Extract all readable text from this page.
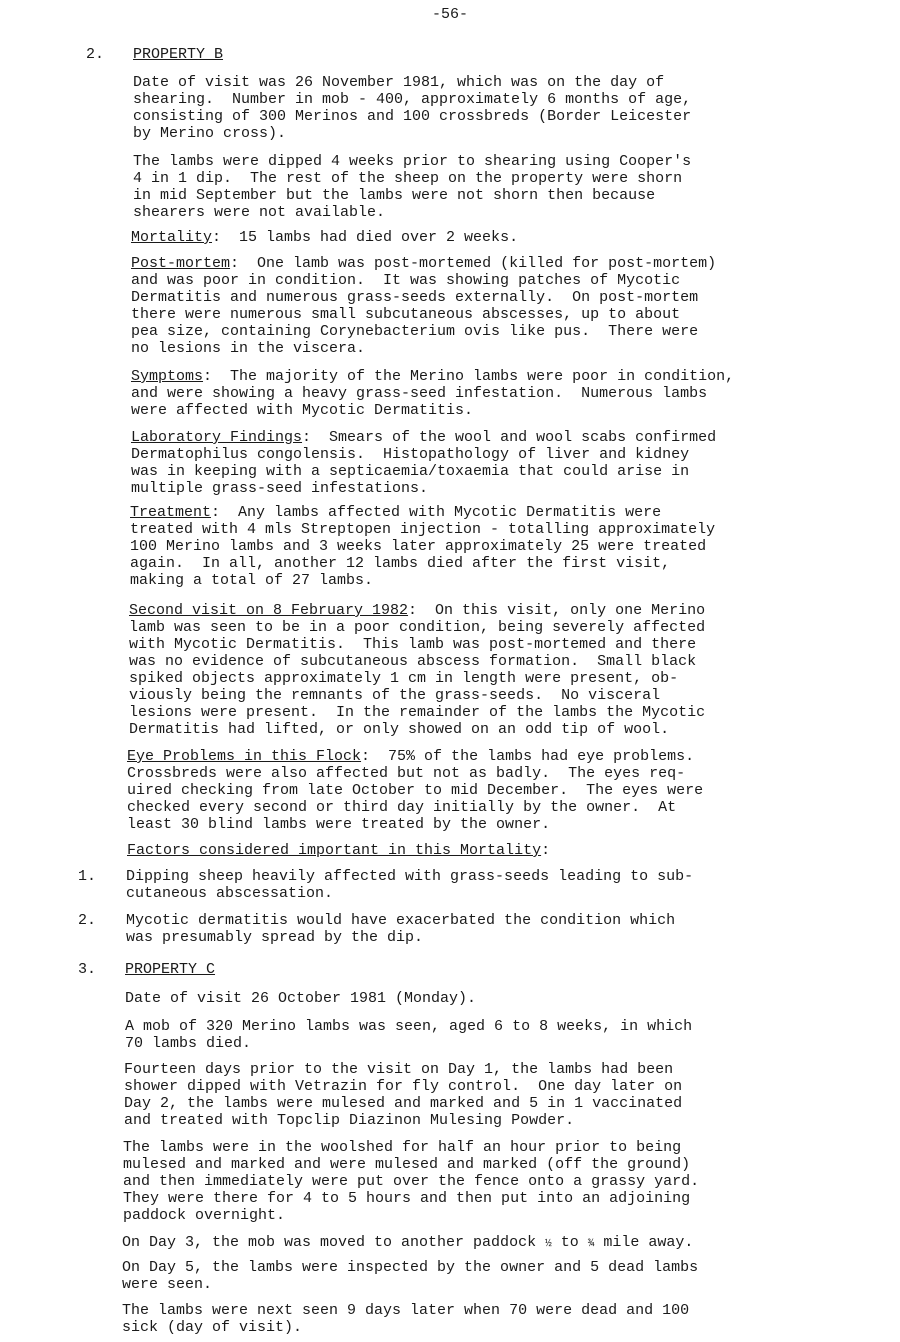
-56-
2. PROPERTY B
Date of visit was 26 November 1981, which was on the day of
shearing.  Number in mob - 400, approximately 6 months of age,
consisting of 300 Merinos and 100 crossbreds (Border Leicester
by Merino cross).
The lambs were dipped 4 weeks prior to shearing using Cooper's
4 in 1 dip.  The rest of the sheep on the property were shorn
in mid September but the lambs were not shorn then because
shearers were not available.
Mortality:  15 lambs had died over 2 weeks.
Post-mortem:  One lamb was post-mortemed (killed for post-mortem)
and was poor in condition.  It was showing patches of Mycotic
Dermatitis and numerous grass-seeds externally.  On post-mortem
there were numerous small subcutaneous abscesses, up to about
pea size, containing Corynebacterium ovis like pus.  There were
no lesions in the viscera.
Symptoms:  The majority of the Merino lambs were poor in condition,
and were showing a heavy grass-seed infestation.  Numerous lambs
were affected with Mycotic Dermatitis.
Laboratory Findings:  Smears of the wool and wool scabs confirmed
Dermatophilus congolensis.  Histopathology of liver and kidney
was in keeping with a septicaemia/toxaemia that could arise in
multiple grass-seed infestations.
Treatment:  Any lambs affected with Mycotic Dermatitis were
treated with 4 mls Streptopen injection - totalling approximately
100 Merino lambs and 3 weeks later approximately 25 were treated
again.  In all, another 12 lambs died after the first visit,
making a total of 27 lambs.
Second visit on 8 February 1982:  On this visit, only one Merino
lamb was seen to be in a poor condition, being severely affected
with Mycotic Dermatitis.  This lamb was post-mortemed and there
was no evidence of subcutaneous abscess formation.  Small black
spiked objects approximately 1 cm in length were present, ob-
viously being the remnants of the grass-seeds.  No visceral
lesions were present.  In the remainder of the lambs the Mycotic
Dermatitis had lifted, or only showed on an odd tip of wool.
Eye Problems in this Flock:  75% of the lambs had eye problems.
Crossbreds were also affected but not as badly.  The eyes req-
uired checking from late October to mid December.  The eyes were
checked every second or third day initially by the owner.  At
least 30 blind lambs were treated by the owner.
Factors considered important in this Mortality:
1. Dipping sheep heavily affected with grass-seeds leading to sub-
cutaneous abscessation.
2. Mycotic dermatitis would have exacerbated the condition which
was presumably spread by the dip.
3. PROPERTY C
Date of visit 26 October 1981 (Monday).
A mob of 320 Merino lambs was seen, aged 6 to 8 weeks, in which
70 lambs died.
Fourteen days prior to the visit on Day 1, the lambs had been
shower dipped with Vetrazin for fly control.  One day later on
Day 2, the lambs were mulesed and marked and 5 in 1 vaccinated
and treated with Topclip Diazinon Mulesing Powder.
The lambs were in the woolshed for half an hour prior to being
mulesed and marked and were mulesed and marked (off the ground)
and then immediately were put over the fence onto a grassy yard.
They were there for 4 to 5 hours and then put into an adjoining
paddock overnight.
On Day 3, the mob was moved to another paddock ½ to ¾ mile away.
On Day 5, the lambs were inspected by the owner and 5 dead lambs
were seen.
The lambs were next seen 9 days later when 70 were dead and 100
sick (day of visit).
